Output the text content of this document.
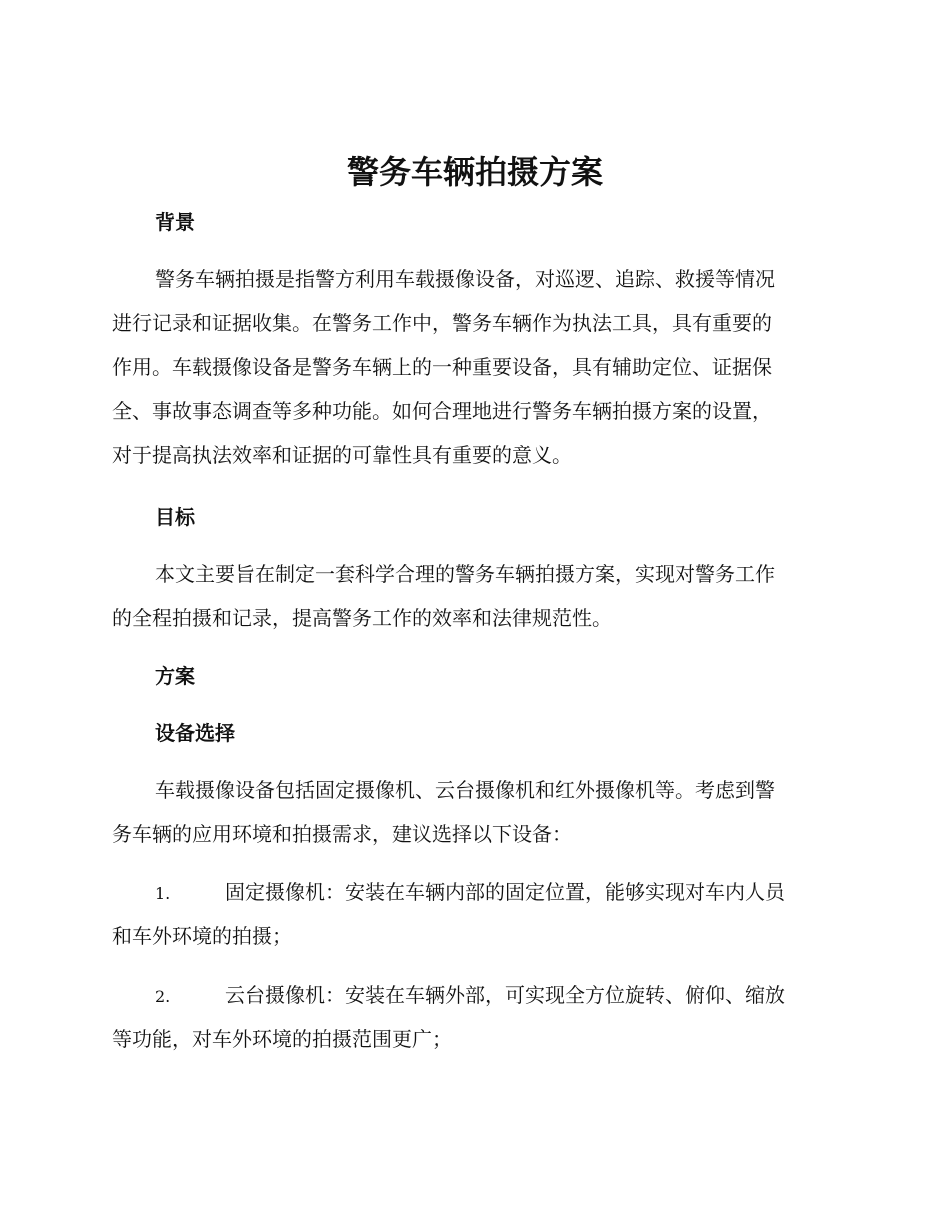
警务车辆拍摄方案
背景
警务车辆拍摄是指警方利用车载摄像设备，对巡逻、追踪、救援等情况
进行记录和证据收集。在警务工作中，警务车辆作为执法工具，具有重要的
作用。车载摄像设备是警务车辆上的一种重要设备，具有辅助定位、证据保
全、事故事态调查等多种功能。如何合理地进行警务车辆拍摄方案的设置，
对于提高执法效率和证据的可靠性具有重要的意义。
目标
本文主要旨在制定一套科学合理的警务车辆拍摄方案，实现对警务工作
的全程拍摄和记录，提高警务工作的效率和法律规范性。
方案
设备选择
车载摄像设备包括固定摄像机、云台摄像机和红外摄像机等。考虑到警
务车辆的应用环境和拍摄需求，建议选择以下设备：
1.	固定摄像机：安装在车辆内部的固定位置，能够实现对车内人员
和车外环境的拍摄；
2.	云台摄像机：安装在车辆外部，可实现全方位旋转、俯仰、缩放
等功能，对车外环境的拍摄范围更广；
